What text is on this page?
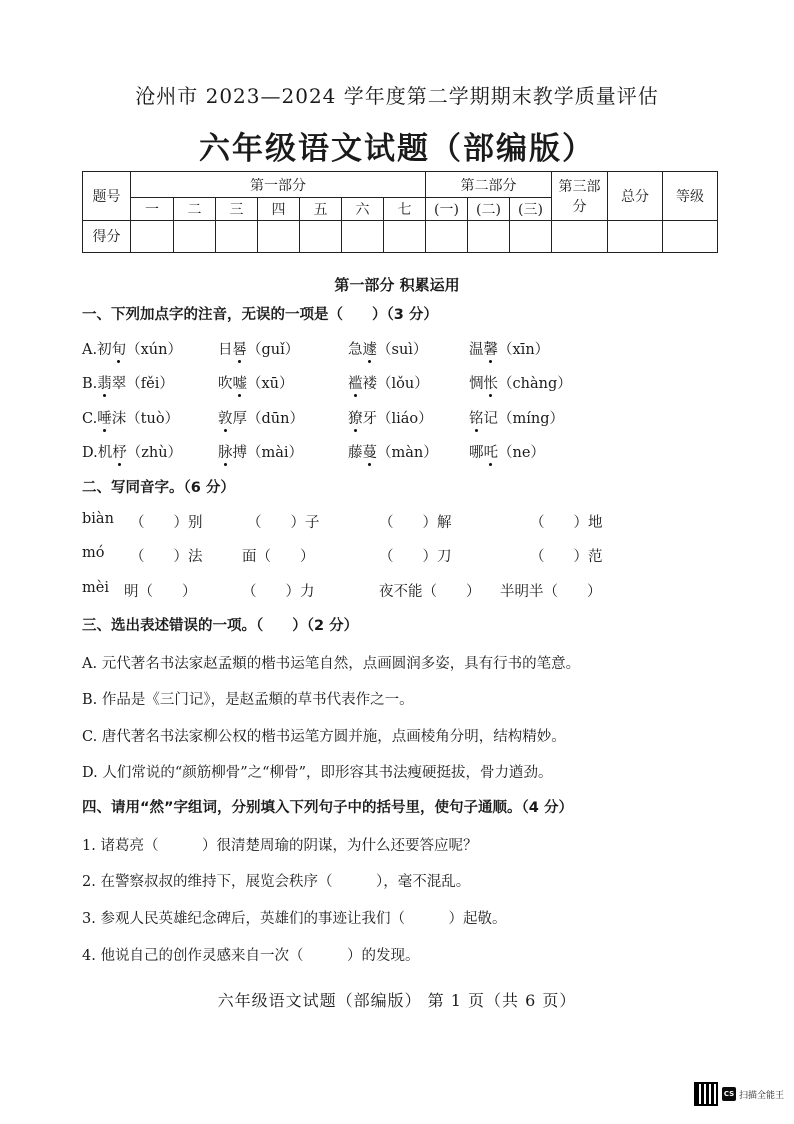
沧州市 2023—2024 学年度第二学期期末教学质量评估
六年级语文试题（部编版）
题号	第一部分							第二部分			第三部分	总分	等级
	一	二	三	四	五	六	七	(一)	(二)	(三)			
得分													
第一部分 积累运用
一、下列加点字的注音，无误的一项是（　　）（3 分）
A.初旬（xún） 日晷（guǐ）	急遽（suì）	温馨（xīn）
B.翡翠（fěi）	吹嘘（xū）	褴褛（lǒu）	惆怅（chàng）
C.唾沫（tuò）	敦厚（dūn）	獠牙（liáo）	铭记（míng）
D.机杼（zhù） 脉搏（mài）	藤蔓（màn） 哪吒（ne）
二、写同音字。（6 分）
biàn （　　）别	（　　）子	（　　）解	（　　）地
mó （　　）法	面（　　）	（　　）刀	（　　）范
mèi 明（　　）	（　　）力	夜不能（　　） 半明半（　　）
三、选出表述错误的一项。（　　）（2 分）
A. 元代著名书法家赵孟頫的楷书运笔自然，点画圆润多姿，具有行书的笔意。
B. 作品是《三门记》，是赵孟頫的草书代表作之一。
C. 唐代著名书法家柳公权的楷书运笔方圆并施，点画棱角分明，结构精妙。
D. 人们常说的“颜筋柳骨”之“柳骨”，即形容其书法瘦硬挺拔，骨力遒劲。
四、请用“然”字组词，分别填入下列句子中的括号里，使句子通顺。（4 分）
1. 诸葛亮（　　　）很清楚周瑜的阴谋，为什么还要答应呢？
2. 在警察叔叔的维持下，展览会秩序（　　　），毫不混乱。
3. 参观人民英雄纪念碑后，英雄们的事迹让我们（　　　）起敬。
4. 他说自己的创作灵感来自一次（　　　）的发现。
六年级语文试题（部编版） 第 1 页（共 6 页）
CS 扫描全能王
